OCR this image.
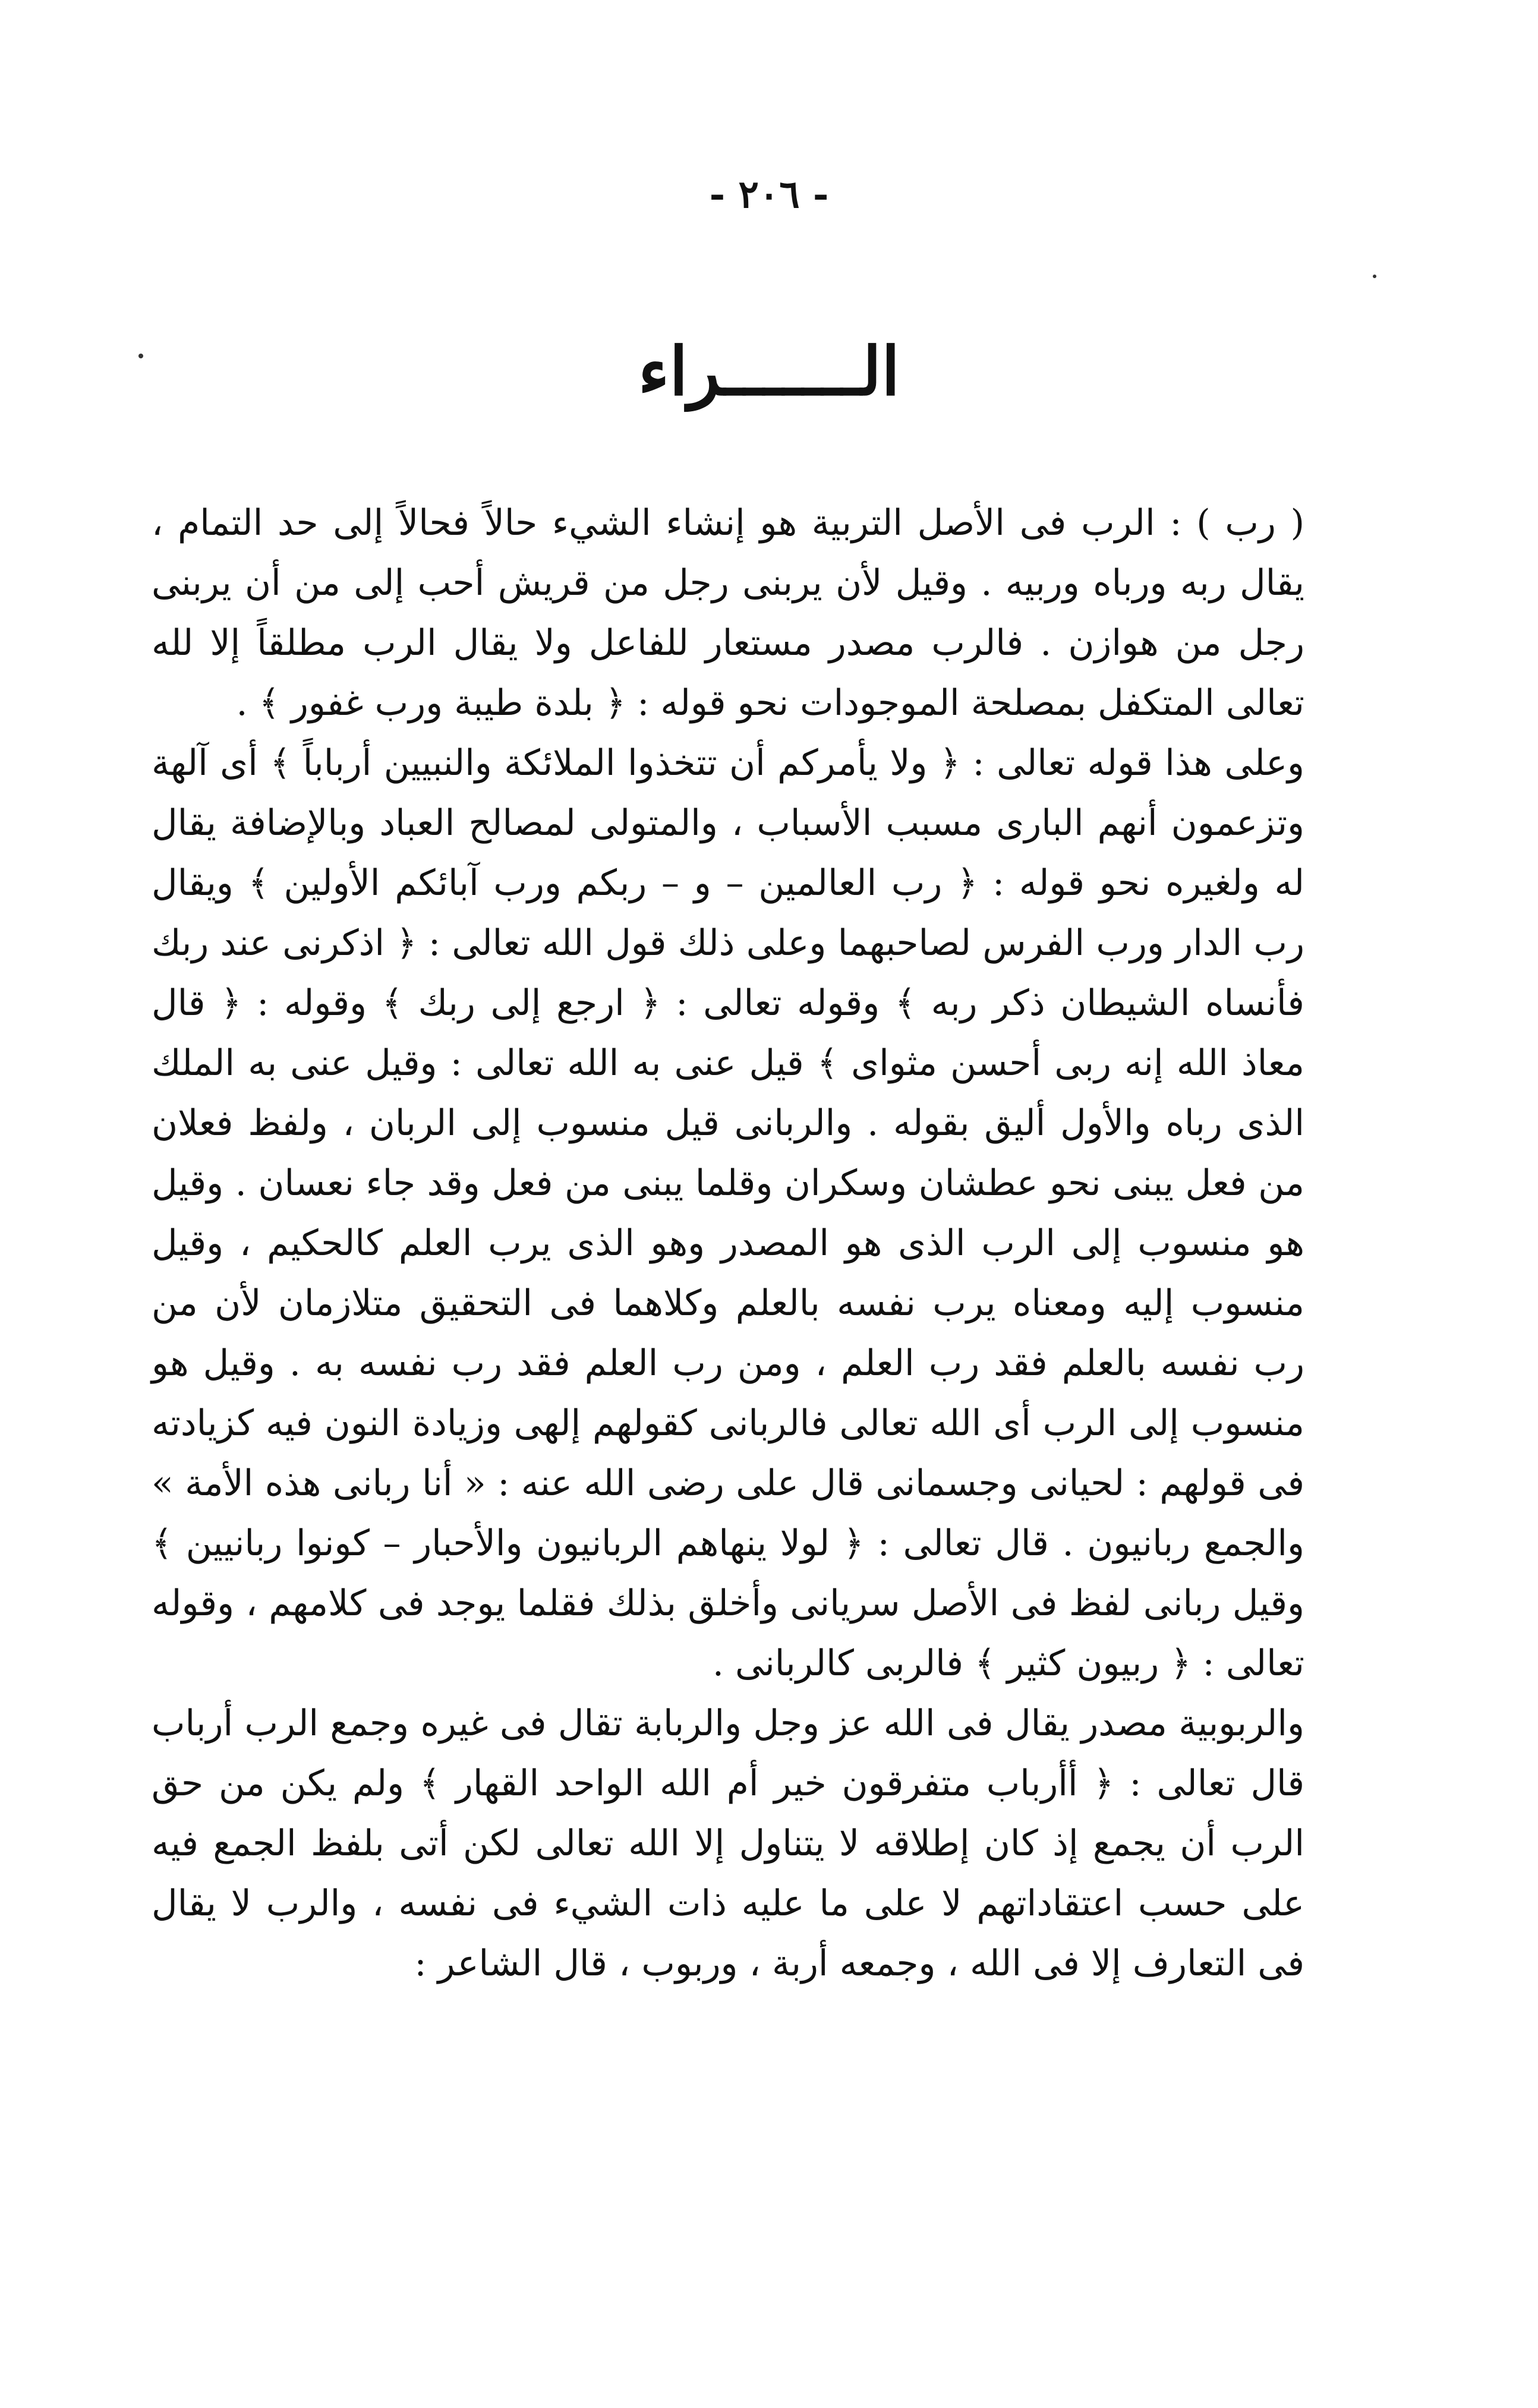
- ٢٠٦ -
الـــــــراء

( رب ) : الرب فى الأصل التربية هو إنشاء الشيء حالاً فحالاً إلى حد التمام ، يقال ربه ورباه وربيه . وقيل لأن يربنى رجل من قريش أحب إلى من أن يربنى رجل من هوازن . فالرب مصدر مستعار للفاعل ولا يقال الرب مطلقاً إلا لله تعالى المتكفل بمصلحة الموجودات نحو قوله : ﴿ بلدة طيبة ورب غفور ﴾ .

وعلى هذا قوله تعالى : ﴿ ولا يأمركم أن تتخذوا الملائكة والنبيين أرباباً ﴾ أى آلهة وتزعمون أنهم البارى مسبب الأسباب ، والمتولى لمصالح العباد وبالإضافة يقال له ولغيره نحو قوله : ﴿ رب العالمين – و – ربكم ورب آبائكم الأولين ﴾ ويقال رب الدار ورب الفرس لصاحبهما وعلى ذلك قول الله تعالى : ﴿ اذكرنى عند ربك فأنساه الشيطان ذكر ربه ﴾ وقوله تعالى : ﴿ ارجع إلى ربك ﴾ وقوله : ﴿ قال معاذ الله إنه ربى أحسن مثواى ﴾ قيل عنى به الله تعالى : وقيل عنى به الملك الذى رباه والأول أليق بقوله . والربانى قيل منسوب إلى الربان ، ولفظ فعلان من فعل يبنى نحو عطشان وسكران وقلما يبنى من فعل وقد جاء نعسان . وقيل هو منسوب إلى الرب الذى هو المصدر وهو الذى يرب العلم كالحكيم ، وقيل منسوب إليه ومعناه يرب نفسه بالعلم وكلاهما فى التحقيق متلازمان لأن من رب نفسه بالعلم فقد رب العلم ، ومن رب العلم فقد رب نفسه به . وقيل هو منسوب إلى الرب أى الله تعالى فالربانى كقولهم إلهى وزيادة النون فيه كزيادته فى قولهم : لحيانى وجسمانى قال على رضى الله عنه : « أنا ربانى هذه الأمة » والجمع ربانيون . قال تعالى : ﴿ لولا ينهاهم الربانيون والأحبار – كونوا ربانيين ﴾ وقيل ربانى لفظ فى الأصل سريانى وأخلق بذلك فقلما يوجد فى كلامهم ، وقوله تعالى : ﴿ ربيون كثير ﴾ فالربى كالربانى .

والربوبية مصدر يقال فى الله عز وجل والربابة تقال فى غيره وجمع الرب أرباب قال تعالى : ﴿ أأرباب متفرقون خير أم الله الواحد القهار ﴾ ولم يكن من حق الرب أن يجمع إذ كان إطلاقه لا يتناول إلا الله تعالى لكن أتى بلفظ الجمع فيه على حسب اعتقاداتهم لا على ما عليه ذات الشيء فى نفسه ، والرب لا يقال فى التعارف إلا فى الله ، وجمعه أربة ، وربوب ، قال الشاعر :
